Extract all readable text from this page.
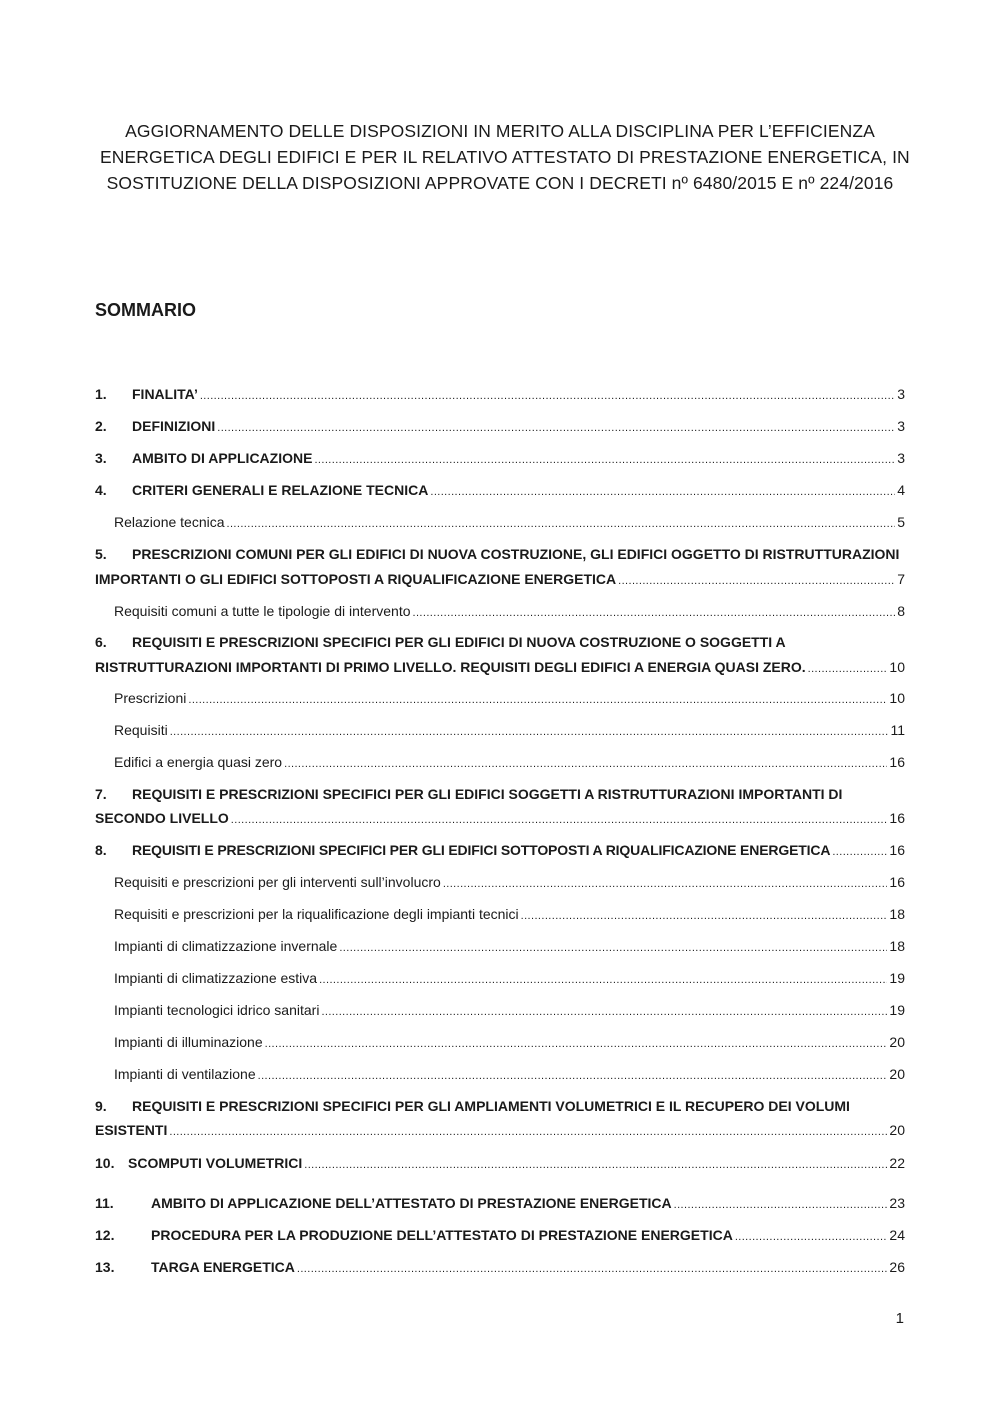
AGGIORNAMENTO DELLE DISPOSIZIONI IN MERITO ALLA DISCIPLINA PER L’EFFICIENZA
ENERGETICA DEGLI EDIFICI E PER IL RELATIVO ATTESTATO DI PRESTAZIONE ENERGETICA, IN
SOSTITUZIONE DELLA DISPOSIZIONI APPROVATE CON I DECRETI nº 6480/2015 E nº 224/2016
SOMMARIO
1.	FINALITA’ .....	3
2.	DEFINIZIONI .....	3
3.	AMBITO DI APPLICAZIONE .....	3
4.	CRITERI GENERALI E RELAZIONE TECNICA .....	4
Relazione tecnica .....	5
5.	PRESCRIZIONI COMUNI PER GLI EDIFICI DI NUOVA COSTRUZIONE, GLI EDIFICI OGGETTO DI RISTRUTTURAZIONI
IMPORTANTI O GLI EDIFICI SOTTOPOSTI A RIQUALIFICAZIONE ENERGETICA .....	7
Requisiti comuni a tutte le tipologie di intervento .....	8
6.	REQUISITI E PRESCRIZIONI SPECIFICI PER GLI EDIFICI DI NUOVA COSTRUZIONE O SOGGETTI A
RISTRUTTURAZIONI IMPORTANTI DI PRIMO LIVELLO. REQUISITI DEGLI EDIFICI A ENERGIA QUASI ZERO. .....	10
Prescrizioni .....	10
Requisiti .....	11
Edifici a energia quasi zero .....	16
7.	REQUISITI E PRESCRIZIONI SPECIFICI PER GLI EDIFICI SOGGETTI A RISTRUTTURAZIONI IMPORTANTI DI
SECONDO LIVELLO .....	16
8.	REQUISITI E PRESCRIZIONI SPECIFICI PER GLI EDIFICI SOTTOPOSTI A RIQUALIFICAZIONE ENERGETICA .....	16
Requisiti e prescrizioni per gli interventi sull’involucro .....	16
Requisiti e prescrizioni per la riqualificazione degli impianti tecnici .....	18
Impianti di climatizzazione invernale .....	18
Impianti di climatizzazione estiva .....	19
Impianti tecnologici idrico sanitari .....	19
Impianti di illuminazione .....	20
Impianti di ventilazione .....	20
9.	REQUISITI E PRESCRIZIONI SPECIFICI PER GLI AMPLIAMENTI VOLUMETRICI E IL RECUPERO DEI VOLUMI
ESISTENTI .....	20
10. SCOMPUTI VOLUMETRICI .....	22
11.	AMBITO DI APPLICAZIONE DELL’ATTESTATO DI PRESTAZIONE ENERGETICA .....	23
12.	PROCEDURA PER LA PRODUZIONE DELL’ATTESTATO DI PRESTAZIONE ENERGETICA .....	24
13.	TARGA ENERGETICA .....	26
1
